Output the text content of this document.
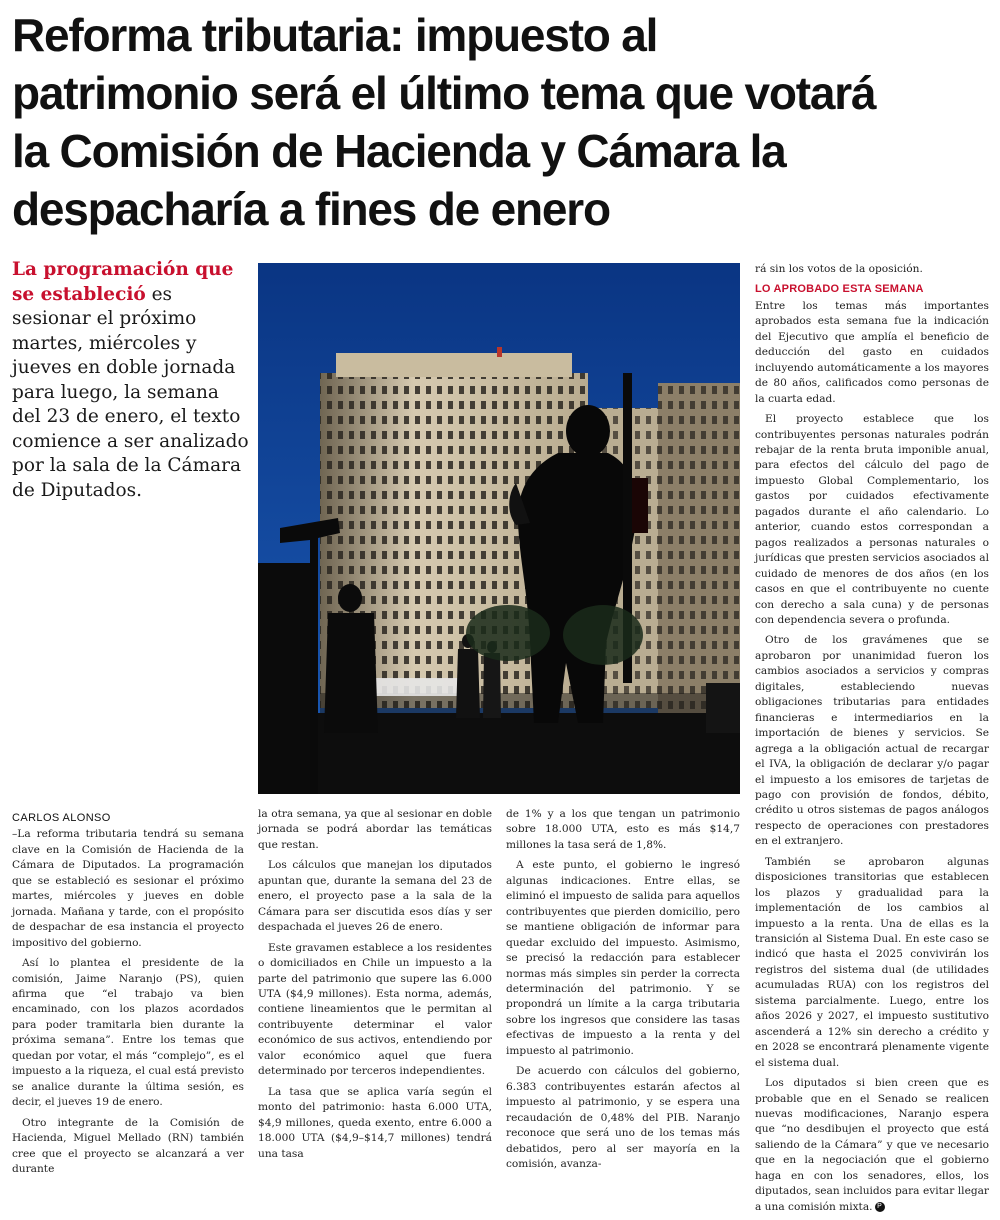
Reforma tributaria: impuesto al
patrimonio será el último tema que votará
la Comisión de Hacienda y Cámara la
despacharía a fines de enero
La programación que se estableció es sesionar el próximo martes, miércoles y jueves en doble jornada para luego, la semana del 23 de enero, el texto comience a ser analizado por la sala de la Cámara de Diputados.
CARLOS ALONSO

–La reforma tributaria tendrá su semana clave en la Comisión de Hacienda de la Cámara de Diputados. La programación que se estableció es sesionar el próximo martes, miércoles y jueves en doble jornada. Mañana y tarde, con el propósito de despachar de esa instancia el proyecto impositivo del gobierno.

Así lo plantea el presidente de la comisión, Jaime Naranjo (PS), quien afirma que “el trabajo va bien encaminado, con los plazos acordados para poder tramitarla bien durante la próxima semana”. Entre los temas que quedan por votar, el más “complejo”, es el impuesto a la riqueza, el cual está previsto se analice durante la última sesión, es decir, el jueves 19 de enero.

Otro integrante de la Comisión de Hacienda, Miguel Mellado (RN) también cree que el proyecto se alcanzará a ver durante

la otra semana, ya que al sesionar en doble jornada se podrá abordar las temáticas que restan.

Los cálculos que manejan los diputados apuntan que, durante la semana del 23 de enero, el proyecto pase a la sala de la Cámara para ser discutida esos días y ser despachada el jueves 26 de enero.

Este gravamen establece a los residentes o domiciliados en Chile un impuesto a la parte del patrimonio que supere las 6.000 UTA ($4,9 millones). Esta norma, además, contiene lineamientos que le permitan al contribuyente determinar el valor económico de sus activos, entendiendo por valor económico aquel que fuera determinado por terceros independientes.

La tasa que se aplica varía según el monto del patrimonio: hasta 6.000 UTA, $4,9 millones, queda exento, entre 6.000 a 18.000 UTA ($4,9–$14,7 millones) tendrá una tasa

de 1% y a los que tengan un patrimonio sobre 18.000 UTA, esto es más $14,7 millones la tasa será de 1,8%.

A este punto, el gobierno le ingresó algunas indicaciones. Entre ellas, se eliminó el impuesto de salida para aquellos contribuyentes que pierden domicilio, pero se mantiene obligación de informar para quedar excluido del impuesto. Asimismo, se precisó la redacción para establecer normas más simples sin perder la correcta determinación del patrimonio. Y se propondrá un límite a la carga tributaria sobre los ingresos que considere las tasas efectivas de impuesto a la renta y del impuesto al patrimonio.

De acuerdo con cálculos del gobierno, 6.383 contribuyentes estarán afectos al impuesto al patrimonio, y se espera una recaudación de 0,48% del PIB. Naranjo reconoce que será uno de los temas más debatidos, pero al ser mayoría en la comisión, avanza-

rá sin los votos de la oposición.

LO APROBADO ESTA SEMANA

Entre los temas más importantes aprobados esta semana fue la indicación del Ejecutivo que amplía el beneficio de deducción del gasto en cuidados incluyendo automáticamente a los mayores de 80 años, calificados como personas de la cuarta edad.

El proyecto establece que los contribuyentes personas naturales podrán rebajar de la renta bruta imponible anual, para efectos del cálculo del pago de impuesto Global Complementario, los gastos por cuidados efectivamente pagados durante el año calendario. Lo anterior, cuando estos correspondan a pagos realizados a personas naturales o jurídicas que presten servicios asociados al cuidado de menores de dos años (en los casos en que el contribuyente no cuente con derecho a sala cuna) y de personas con dependencia severa o profunda.

Otro de los gravámenes que se aprobaron por unanimidad fueron los cambios asociados a servicios y compras digitales, estableciendo nuevas obligaciones tributarias para entidades financieras e intermediarios en la importación de bienes y servicios. Se agrega a la obligación actual de recargar el IVA, la obligación de declarar y/o pagar el impuesto a los emisores de tarjetas de pago con provisión de fondos, débito, crédito u otros sistemas de pagos análogos respecto de operaciones con prestadores en el extranjero.

También se aprobaron algunas disposiciones transitorias que establecen los plazos y gradualidad para la implementación de los cambios al impuesto a la renta. Una de ellas es la transición al Sistema Dual. En este caso se indicó que hasta el 2025 convivirán los registros del sistema dual (de utilidades acumuladas RUA) con los registros del sistema parcialmente. Luego, entre los años 2026 y 2027, el impuesto sustitutivo ascenderá a 12% sin derecho a crédito y en 2028 se encontrará plenamente vigente el sistema dual.

Los diputados si bien creen que es probable que en el Senado se realicen nuevas modificaciones, Naranjo espera que “no desdibujen el proyecto que está saliendo de la Cámara” y que ve necesario que en la negociación que el gobierno haga en con los senadores, ellos, los diputados, sean incluidos para evitar llegar a una comisión mixta. P
